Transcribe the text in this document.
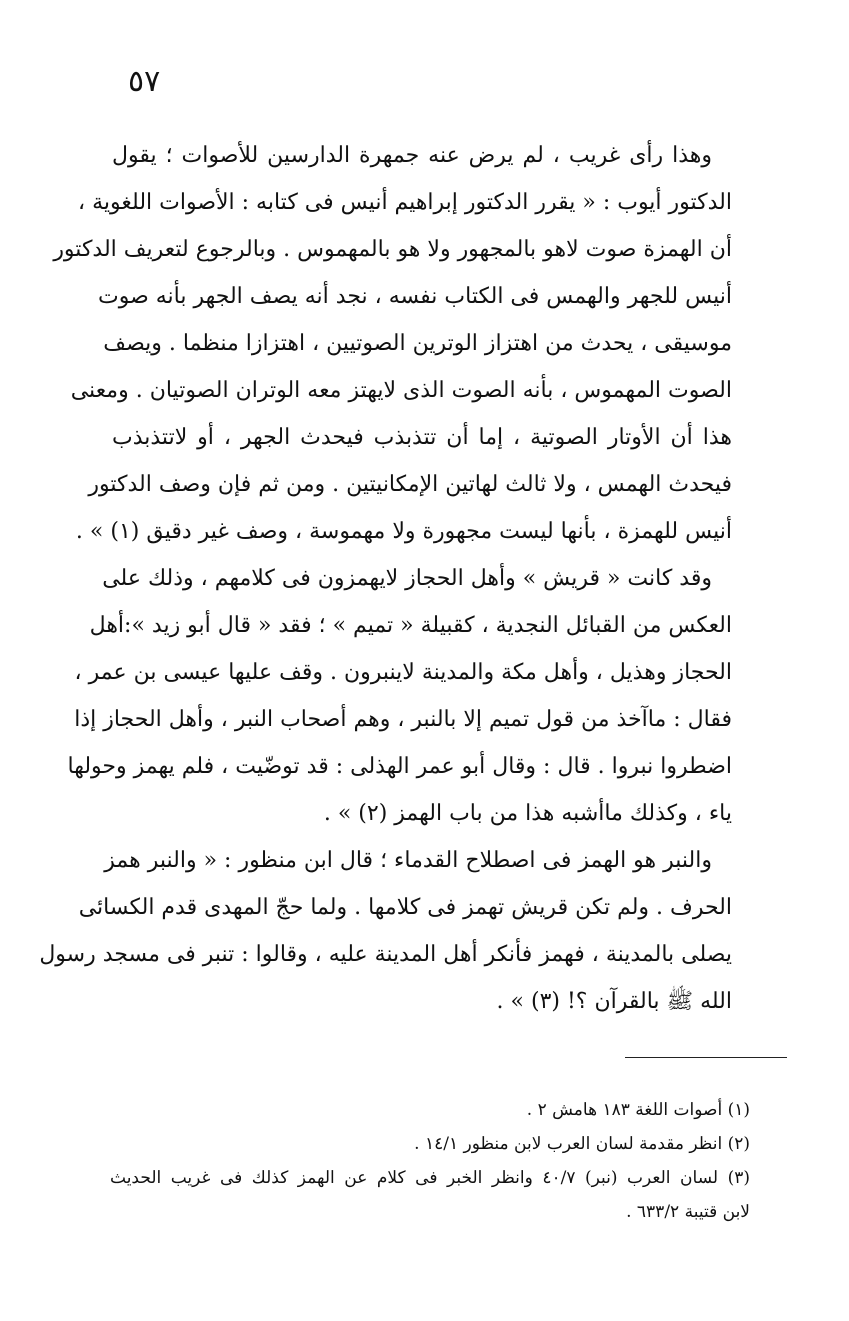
٥٧
وهذا رأى غريب ، لم يرض عنه جمهرة الدارسين للأصوات ؛ يقول
الدكتور أيوب : « يقرر الدكتور إبراهيم أنيس فى كتابه : الأصوات اللغوية ،
أن الهمزة صوت لاهو بالمجهور ولا هو بالمهموس . وبالرجوع لتعريف الدكتور
أنيس للجهر والهمس فى الكتاب نفسه ، نجد أنه يصف الجهر بأنه صوت
موسيقى ، يحدث من اهتزاز الوترين الصوتيين ، اهتزازا منظما . ويصف
الصوت المهموس ، بأنه الصوت الذى لايهتز معه الوتران الصوتيان . ومعنى
هذا أن الأوتار الصوتية ، إما أن تتذبذب فيحدث الجهر ، أو لاتتذبذب
فيحدث الهمس ، ولا ثالث لهاتين الإمكانيتين . ومن ثم فإن وصف الدكتور
أنيس للهمزة ، بأنها ليست مجهورة ولا مهموسة ، وصف غير دقيق (١) » .
وقد كانت « قريش » وأهل الحجاز لايهمزون فى كلامهم ، وذلك على
العكس من القبائل النجدية ، كقبيلة « تميم » ؛ فقد « قال أبو زيد »:أهل
الحجاز وهذيل ، وأهل مكة والمدينة لاينبرون . وقف عليها عيسى بن عمر ،
فقال : ماآخذ من قول تميم إلا بالنبر ، وهم أصحاب النبر ، وأهل الحجاز إذا
اضطروا نبروا . قال : وقال أبو عمر الهذلى : قد توضّيت ، فلم يهمز وحولها
ياء ، وكذلك ماأشبه هذا من باب الهمز (٢) » .
والنبر هو الهمز فى اصطلاح القدماء ؛ قال ابن منظور : « والنبر همز
الحرف . ولم تكن قريش تهمز فى كلامها . ولما حجّ المهدى قدم الكسائى
يصلى بالمدينة ، فهمز فأنكر أهل المدينة عليه ، وقالوا : تنبر فى مسجد رسول
الله ﷺ بالقرآن ؟! (٣) » .
(١) أصوات اللغة ١٨٣ هامش ٢ .
(٢) انظر مقدمة لسان العرب لابن منظور ١٤/١ .
(٣) لسان العرب (نبر) ٤٠/٧ وانظر الخبر فى كلام عن الهمز كذلك فى غريب الحديث
لابن قتيبة ٦٣٣/٢ .
